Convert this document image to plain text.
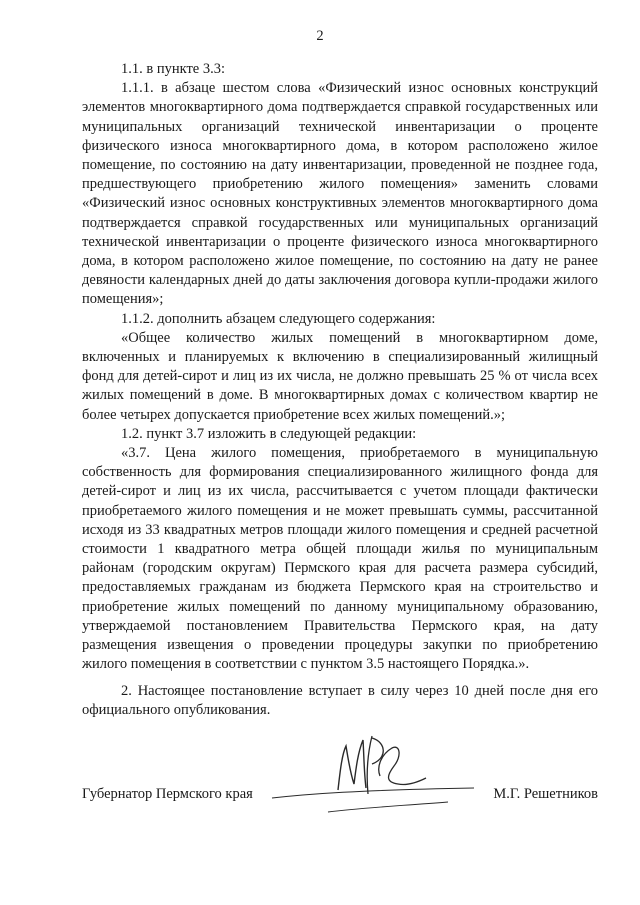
2

1.1. в пункте 3.3:

1.1.1. в абзаце шестом слова «Физический износ основных конструкций элементов многоквартирного дома подтверждается справкой государственных или муниципальных организаций технической инвентаризации о проценте физического износа многоквартирного дома, в котором расположено жилое помещение, по состоянию на дату инвентаризации, проведенной не позднее года, предшествующего приобретению жилого помещения» заменить словами «Физический износ основных конструктивных элементов многоквартирного дома подтверждается справкой государственных или муниципальных организаций технической инвентаризации о проценте физического износа многоквартирного дома, в котором расположено жилое помещение, по состоянию на дату не ранее девяности календарных дней до даты заключения договора купли-продажи жилого помещения»;

1.1.2. дополнить абзацем следующего содержания:

«Общее количество жилых помещений в многоквартирном доме, включенных и планируемых к включению в специализированный жилищный фонд для детей-сирот и лиц из их числа, не должно превышать 25 % от числа всех жилых помещений в доме. В многоквартирных домах с количеством квартир не более четырех допускается приобретение всех жилых помещений.»;

1.2. пункт 3.7 изложить в следующей редакции:

«3.7. Цена жилого помещения, приобретаемого в муниципальную собственность для формирования специализированного жилищного фонда для детей-сирот и лиц из их числа, рассчитывается с учетом площади фактически приобретаемого жилого помещения и не может превышать суммы, рассчитанной исходя из 33 квадратных метров площади жилого помещения и средней расчетной стоимости 1 квадратного метра общей площади жилья по муниципальным районам (городским округам) Пермского края для расчета размера субсидий, предоставляемых гражданам из бюджета Пермского края на строительство и приобретение жилых помещений по данному муниципальному образованию, утверждаемой постановлением Правительства Пермского края, на дату размещения извещения о проведении процедуры закупки по приобретению жилого помещения в соответствии с пунктом 3.5 настоящего Порядка.».

2. Настоящее постановление вступает в силу через 10 дней после дня его официального опубликования.

Губернатор Пермского края	М.Г. Решетников
